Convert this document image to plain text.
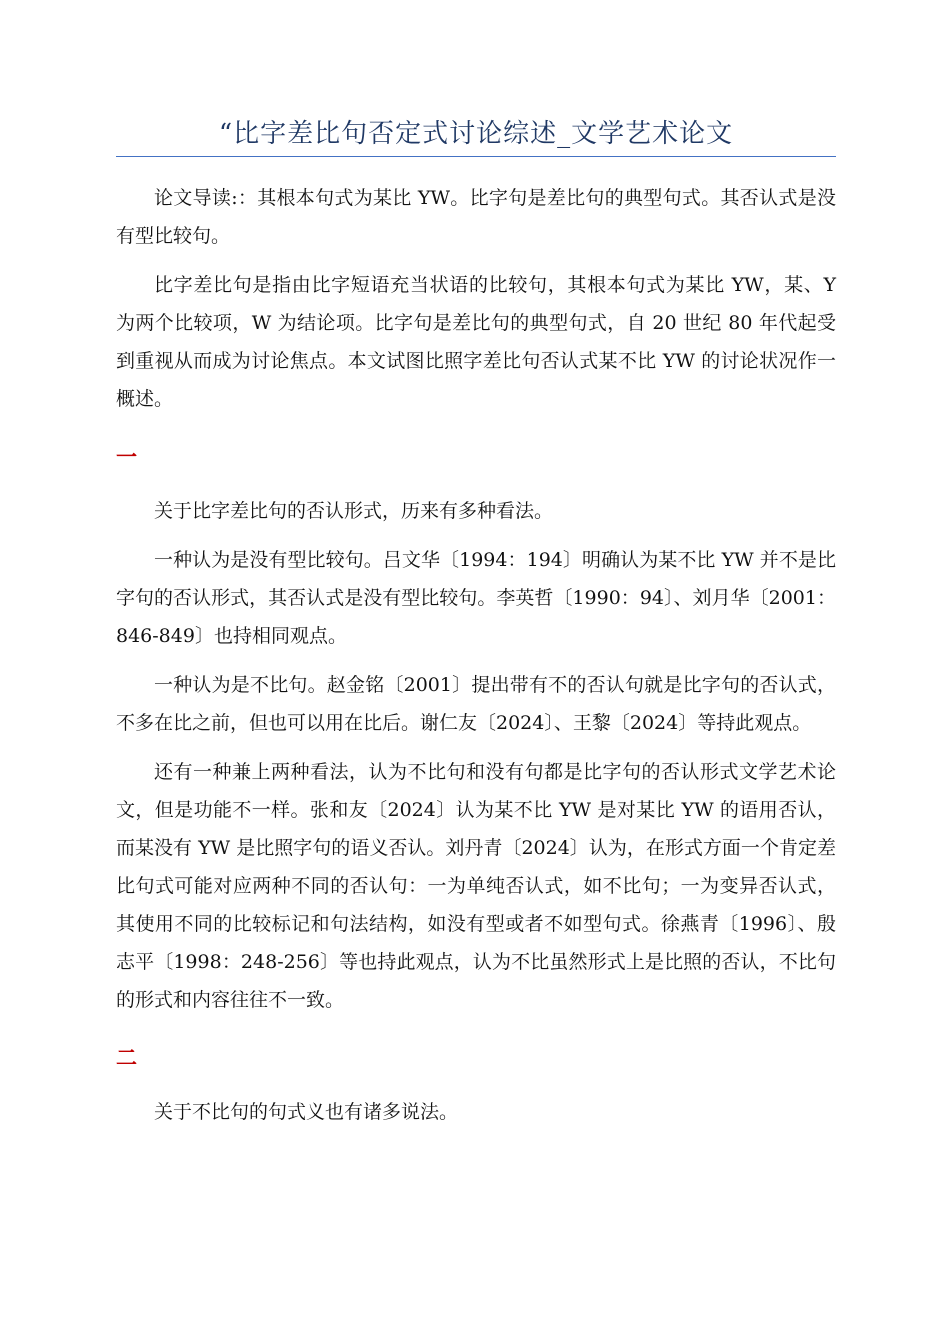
“比字差比句否定式讨论综述_文学艺术论文

论文导读:：其根本句式为某比 YW。比字句是差比句的典型句式。其否认式是没有型比较句。

比字差比句是指由比字短语充当状语的比较句，其根本句式为某比 YW，某、Y 为两个比较项，W 为结论项。比字句是差比句的典型句式，自 20 世纪 80 年代起受到重视从而成为讨论焦点。本文试图比照字差比句否认式某不比 YW 的讨论状况作一概述。

一

关于比字差比句的否认形式，历来有多种看法。

一种认为是没有型比较句。吕文华〔1994：194〕明确认为某不比 YW 并不是比字句的否认形式，其否认式是没有型比较句。李英哲〔1990：94〕、刘月华〔2001：846-849〕也持相同观点。

一种认为是不比句。赵金铭〔2001〕提出带有不的否认句就是比字句的否认式，不多在比之前，但也可以用在比后。谢仁友〔2024〕、王黎〔2024〕等持此观点。

还有一种兼上两种看法，认为不比句和没有句都是比字句的否认形式文学艺术论文，但是功能不一样。张和友〔2024〕认为某不比 YW 是对某比 YW 的语用否认，而某没有 YW 是比照字句的语义否认。刘丹青〔2024〕认为，在形式方面一个肯定差比句式可能对应两种不同的否认句：一为单纯否认式，如不比句；一为变异否认式，其使用不同的比较标记和句法结构，如没有型或者不如型句式。徐燕青〔1996〕、殷志平〔1998：248-256〕等也持此观点，认为不比虽然形式上是比照的否认，不比句的形式和内容往往不一致。

二

关于不比句的句式义也有诸多说法。
